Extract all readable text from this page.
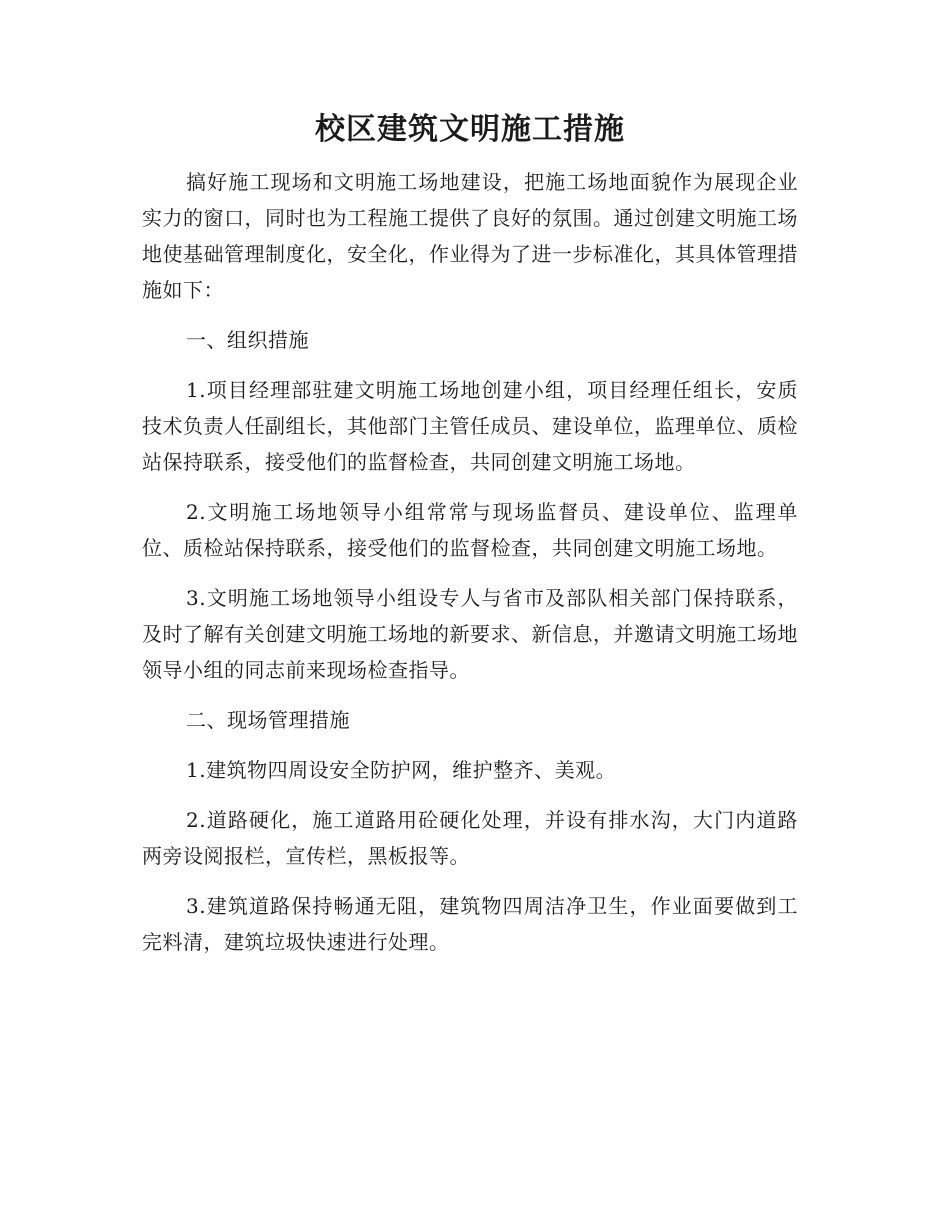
校区建筑文明施工措施

搞好施工现场和文明施工场地建设，把施工场地面貌作为展现企业实力的窗口，同时也为工程施工提供了良好的氛围。通过创建文明施工场地使基础管理制度化，安全化，作业得为了进一步标准化，其具体管理措施如下：

一、组织措施

1.项目经理部驻建文明施工场地创建小组，项目经理任组长，安质技术负责人任副组长，其他部门主管任成员、建设单位，监理单位、质检站保持联系，接受他们的监督检查，共同创建文明施工场地。

2.文明施工场地领导小组常常与现场监督员、建设单位、监理单位、质检站保持联系，接受他们的监督检查，共同创建文明施工场地。

3.文明施工场地领导小组设专人与省市及部队相关部门保持联系，及时了解有关创建文明施工场地的新要求、新信息，并邀请文明施工场地领导小组的同志前来现场检查指导。

二、现场管理措施

1.建筑物四周设安全防护网，维护整齐、美观。

2.道路硬化，施工道路用砼硬化处理，并设有排水沟，大门内道路两旁设阅报栏，宣传栏，黑板报等。

3.建筑道路保持畅通无阻，建筑物四周洁净卫生，作业面要做到工完料清，建筑垃圾快速进行处理。
